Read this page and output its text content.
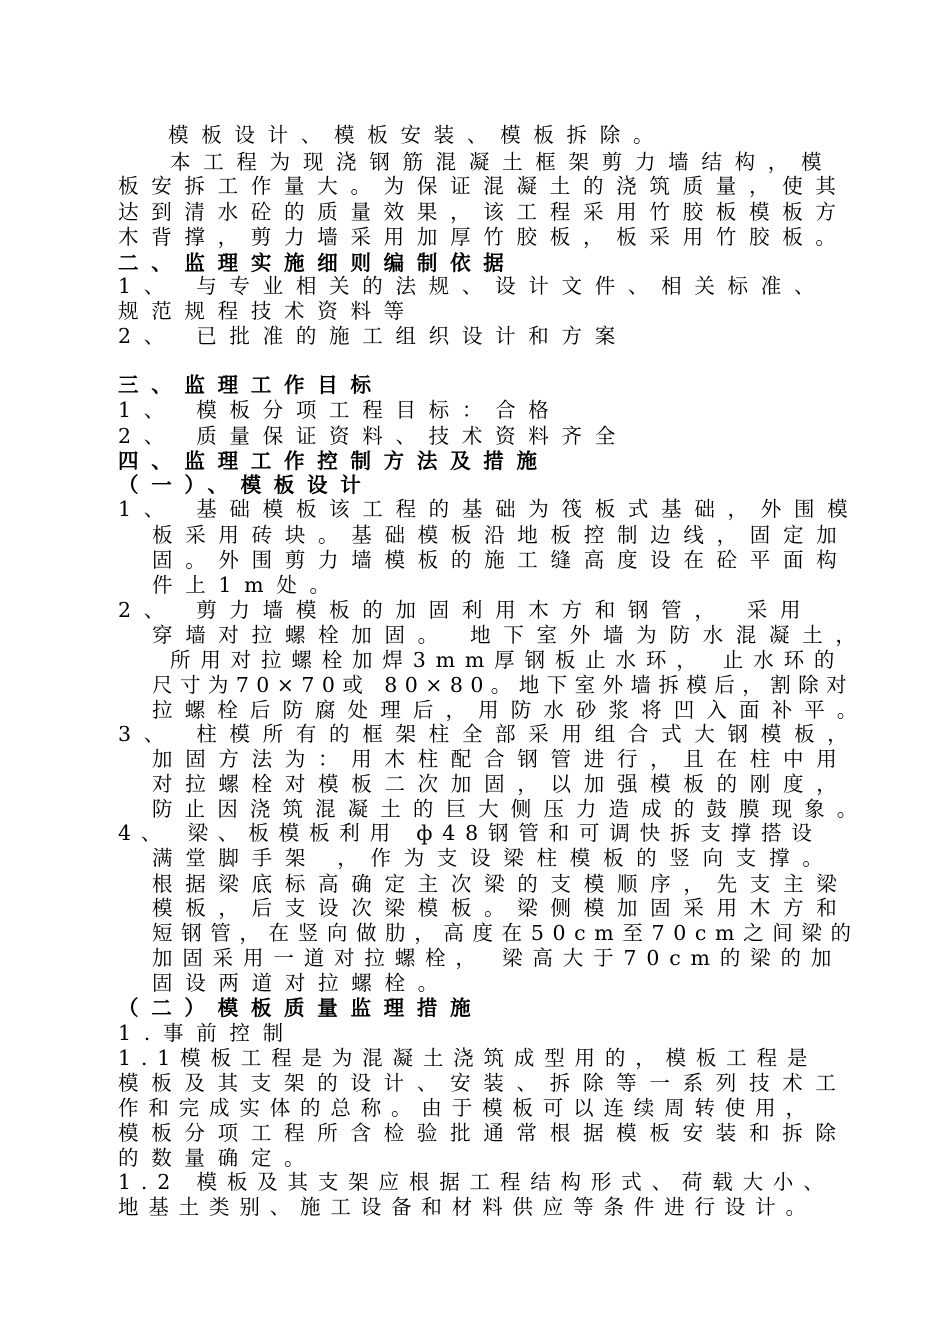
模板设计、模板安装、模板拆除。
本工程为现浇钢筋混凝土框架剪力墙结构，模
板安拆工作量大。为保证混凝土的浇筑质量，使其
达到清水砼的质量效果，该工程采用竹胶板模板方
木背撑，剪力墙采用加厚竹胶板，板采用竹胶板。
二、监理实施细则编制依据
1、 与专业相关的法规、设计文件、相关标准、
规范规程技术资料等
2、 已批准的施工组织设计和方案
三、监理工作目标
1、 模板分项工程目标：合格
2、 质量保证资料、技术资料齐全
四、监理工作控制方法及措施
（一）、模板设计
1、 基础模板该工程的基础为筏板式基础，外围模
板采用砖块。基础模板沿地板控制边线，固定加
固。外围剪力墙模板的施工缝高度设在砼平面构
件上1m处。
2、 剪力墙模板的加固利用木方和钢管， 采用
穿墙对拉螺栓加固。 地下室外墙为防水混凝土，
所用对拉螺栓加焊3mm厚钢板止水环， 止水环的
尺寸为70×70或 80×80。地下室外墙拆模后，割除对
拉螺栓后防腐处理后，用防水砂浆将凹入面补平。
3、 柱模所有的框架柱全部采用组合式大钢模板，
加固方法为：用木柱配合钢管进行，且在柱中用
对拉螺栓对模板二次加固，以加强模板的刚度，
防止因浇筑混凝土的巨大侧压力造成的鼓膜现象。
4、 梁、板模板利用 ф48钢管和可调快拆支撑搭设
满堂脚手架 ，作为支设梁柱模板的竖向支撑。
根据梁底标高确定主次梁的支模顺序，先支主梁
模板，后支设次梁模板。梁侧模加固采用木方和
短钢管，在竖向做肋，高度在50cm至70cm之间梁的
加固采用一道对拉螺栓， 梁高大于70cm的梁的加
固设两道对拉螺栓。
（二）模板质量监理措施
1.事前控制
1.1模板工程是为混凝土浇筑成型用的，模板工程是
模板及其支架的设计、安装、拆除等一系列技术工
作和完成实体的总称。由于模板可以连续周转使用，
模板分项工程所含检验批通常根据模板安装和拆除
的数量确定。
1.2 模板及其支架应根据工程结构形式、荷载大小、
地基土类别、施工设备和材料供应等条件进行设计。
